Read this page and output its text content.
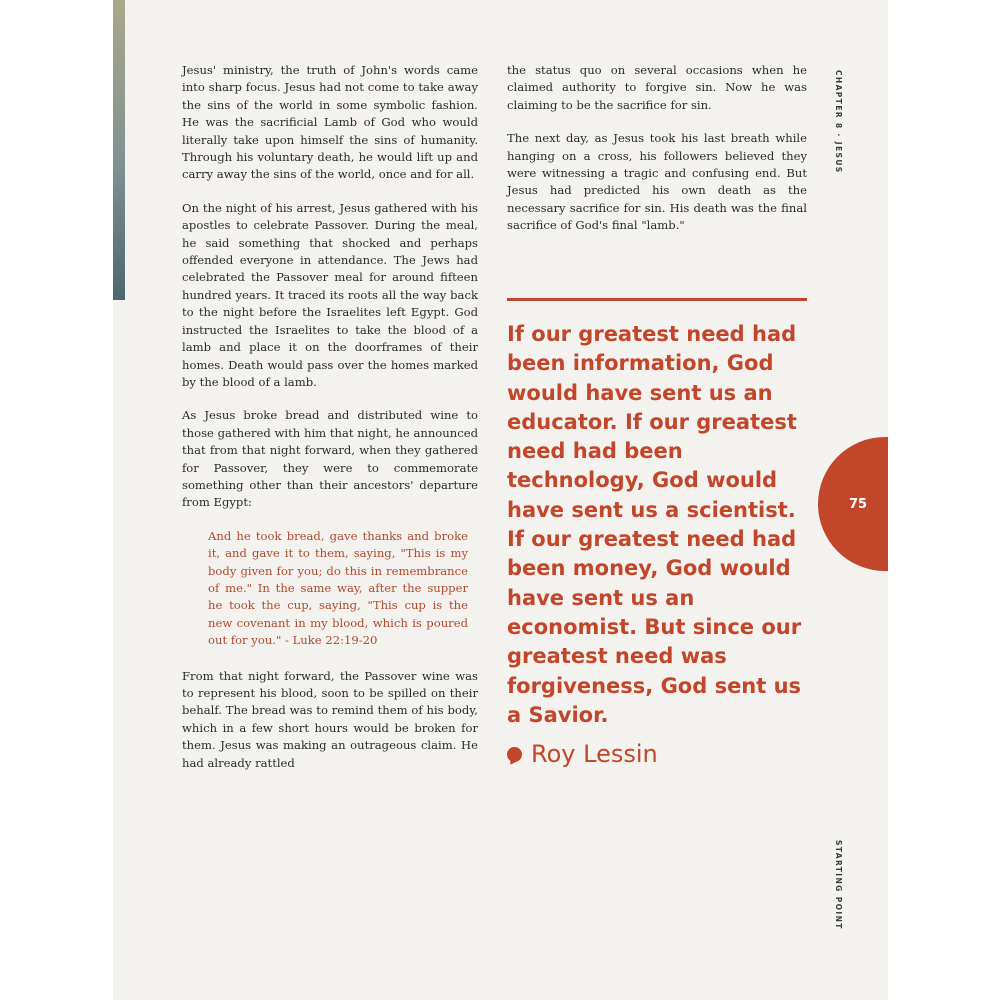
Jesus' ministry, the truth of John's words came into sharp focus. Jesus had not come to take away the sins of the world in some symbolic fashion. He was the sacrificial Lamb of God who would literally take upon himself the sins of humanity. Through his voluntary death, he would lift up and carry away the sins of the world, once and for all.

On the night of his arrest, Jesus gathered with his apostles to celebrate Passover. During the meal, he said something that shocked and perhaps offended everyone in attendance. The Jews had celebrated the Passover meal for around fifteen hundred years. It traced its roots all the way back to the night before the Israelites left Egypt. God instructed the Israelites to take the blood of a lamb and place it on the doorframes of their homes. Death would pass over the homes marked by the blood of a lamb.

As Jesus broke bread and distributed wine to those gathered with him that night, he announced that from that night forward, when they gathered for Passover, they were to commemorate something other than their ancestors' departure from Egypt:

And he took bread, gave thanks and broke it, and gave it to them, saying, "This is my body given for you; do this in remembrance of me." In the same way, after the supper he took the cup, saying, "This cup is the new covenant in my blood, which is poured out for you." - Luke 22:19-20

From that night forward, the Passover wine was to represent his blood, soon to be spilled on their behalf. The bread was to remind them of his body, which in a few short hours would be broken for them. Jesus was making an outrageous claim. He had already rattled

the status quo on several occasions when he claimed authority to forgive sin. Now he was claiming to be the sacrifice for sin.

The next day, as Jesus took his last breath while hanging on a cross, his followers believed they were witnessing a tragic and confusing end. But Jesus had predicted his own death as the necessary sacrifice for sin. His death was the final sacrifice of God's final "lamb."

If our greatest need had been information, God would have sent us an educator. If our greatest need had been technology, God would have sent us a scientist. If our greatest need had been money, God would have sent us an economist. But since our greatest need was forgiveness, God sent us a Savior.

Roy Lessin
75
CHAPTER 8 · JESUS
STARTING POINT
